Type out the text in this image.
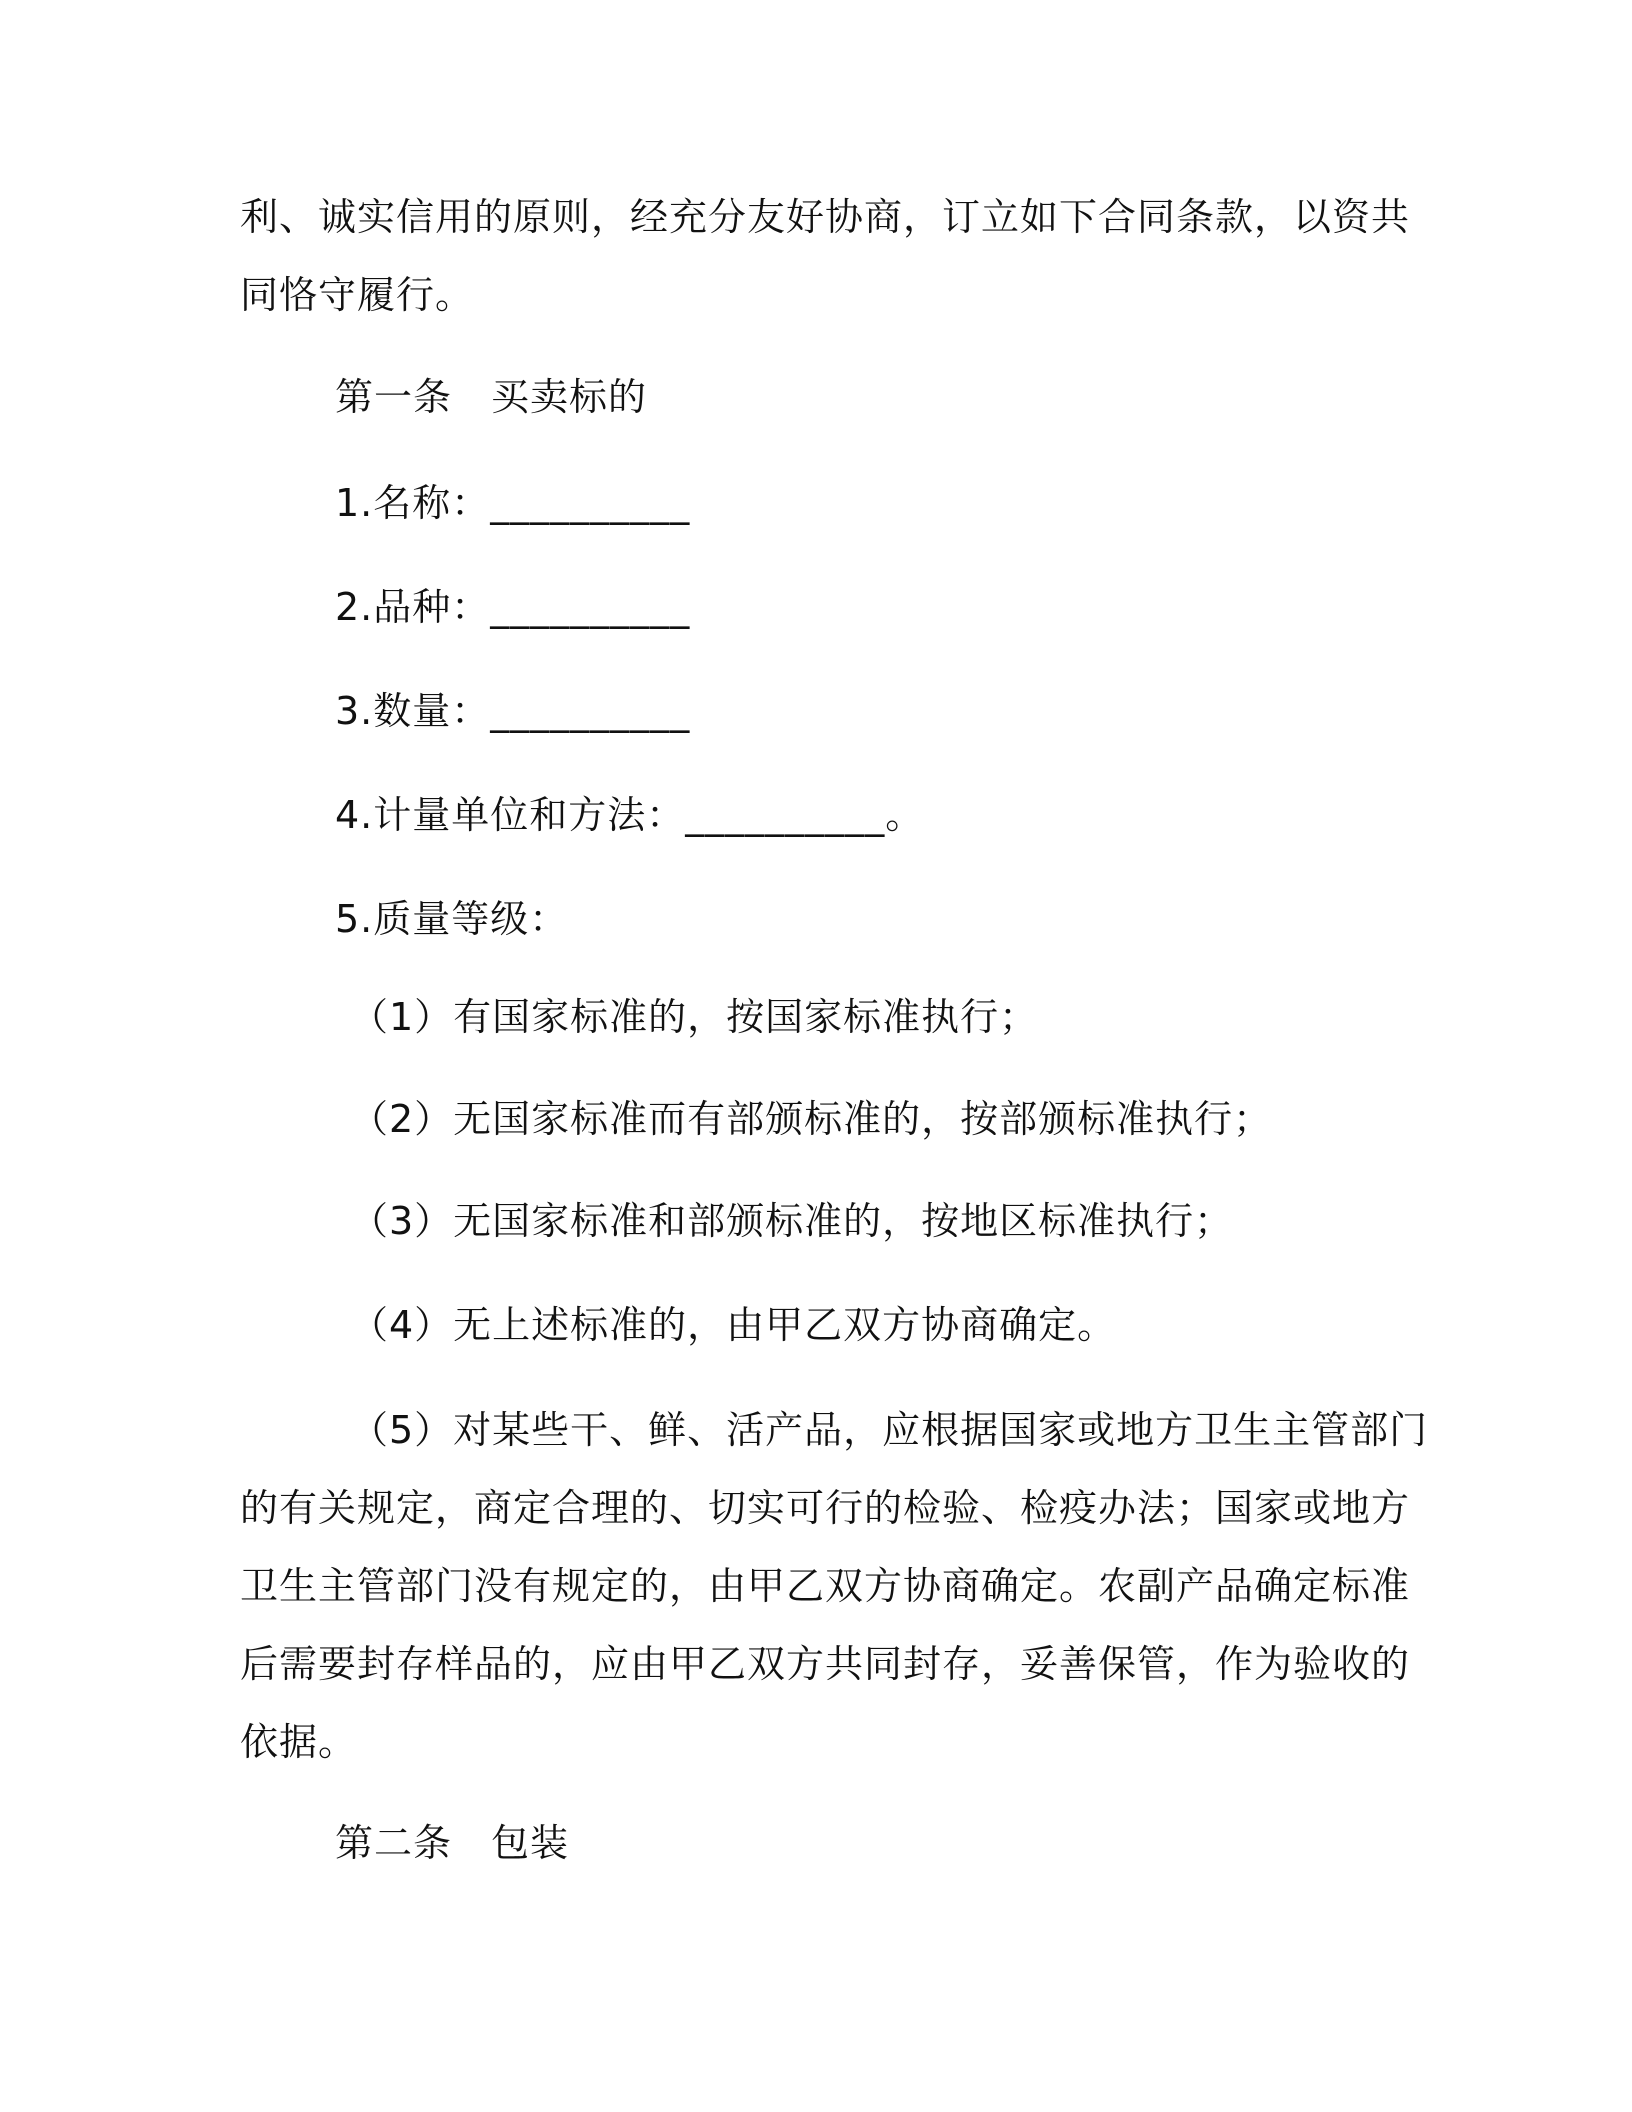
利、诚实信用的原则，经充分友好协商，订立如下合同条款，以资共
同恪守履行。
第一条　买卖标的
1.名称：__________
2.品种：__________
3.数量：__________
4.计量单位和方法：__________。
5.质量等级：
（1）有国家标准的，按国家标准执行；
（2）无国家标准而有部颁标准的，按部颁标准执行；
（3）无国家标准和部颁标准的，按地区标准执行；
（4）无上述标准的，由甲乙双方协商确定。
（5）对某些干、鲜、活产品，应根据国家或地方卫生主管部门
的有关规定，商定合理的、切实可行的检验、检疫办法；国家或地方
卫生主管部门没有规定的，由甲乙双方协商确定。农副产品确定标准
后需要封存样品的，应由甲乙双方共同封存，妥善保管，作为验收的
依据。
第二条　包装
